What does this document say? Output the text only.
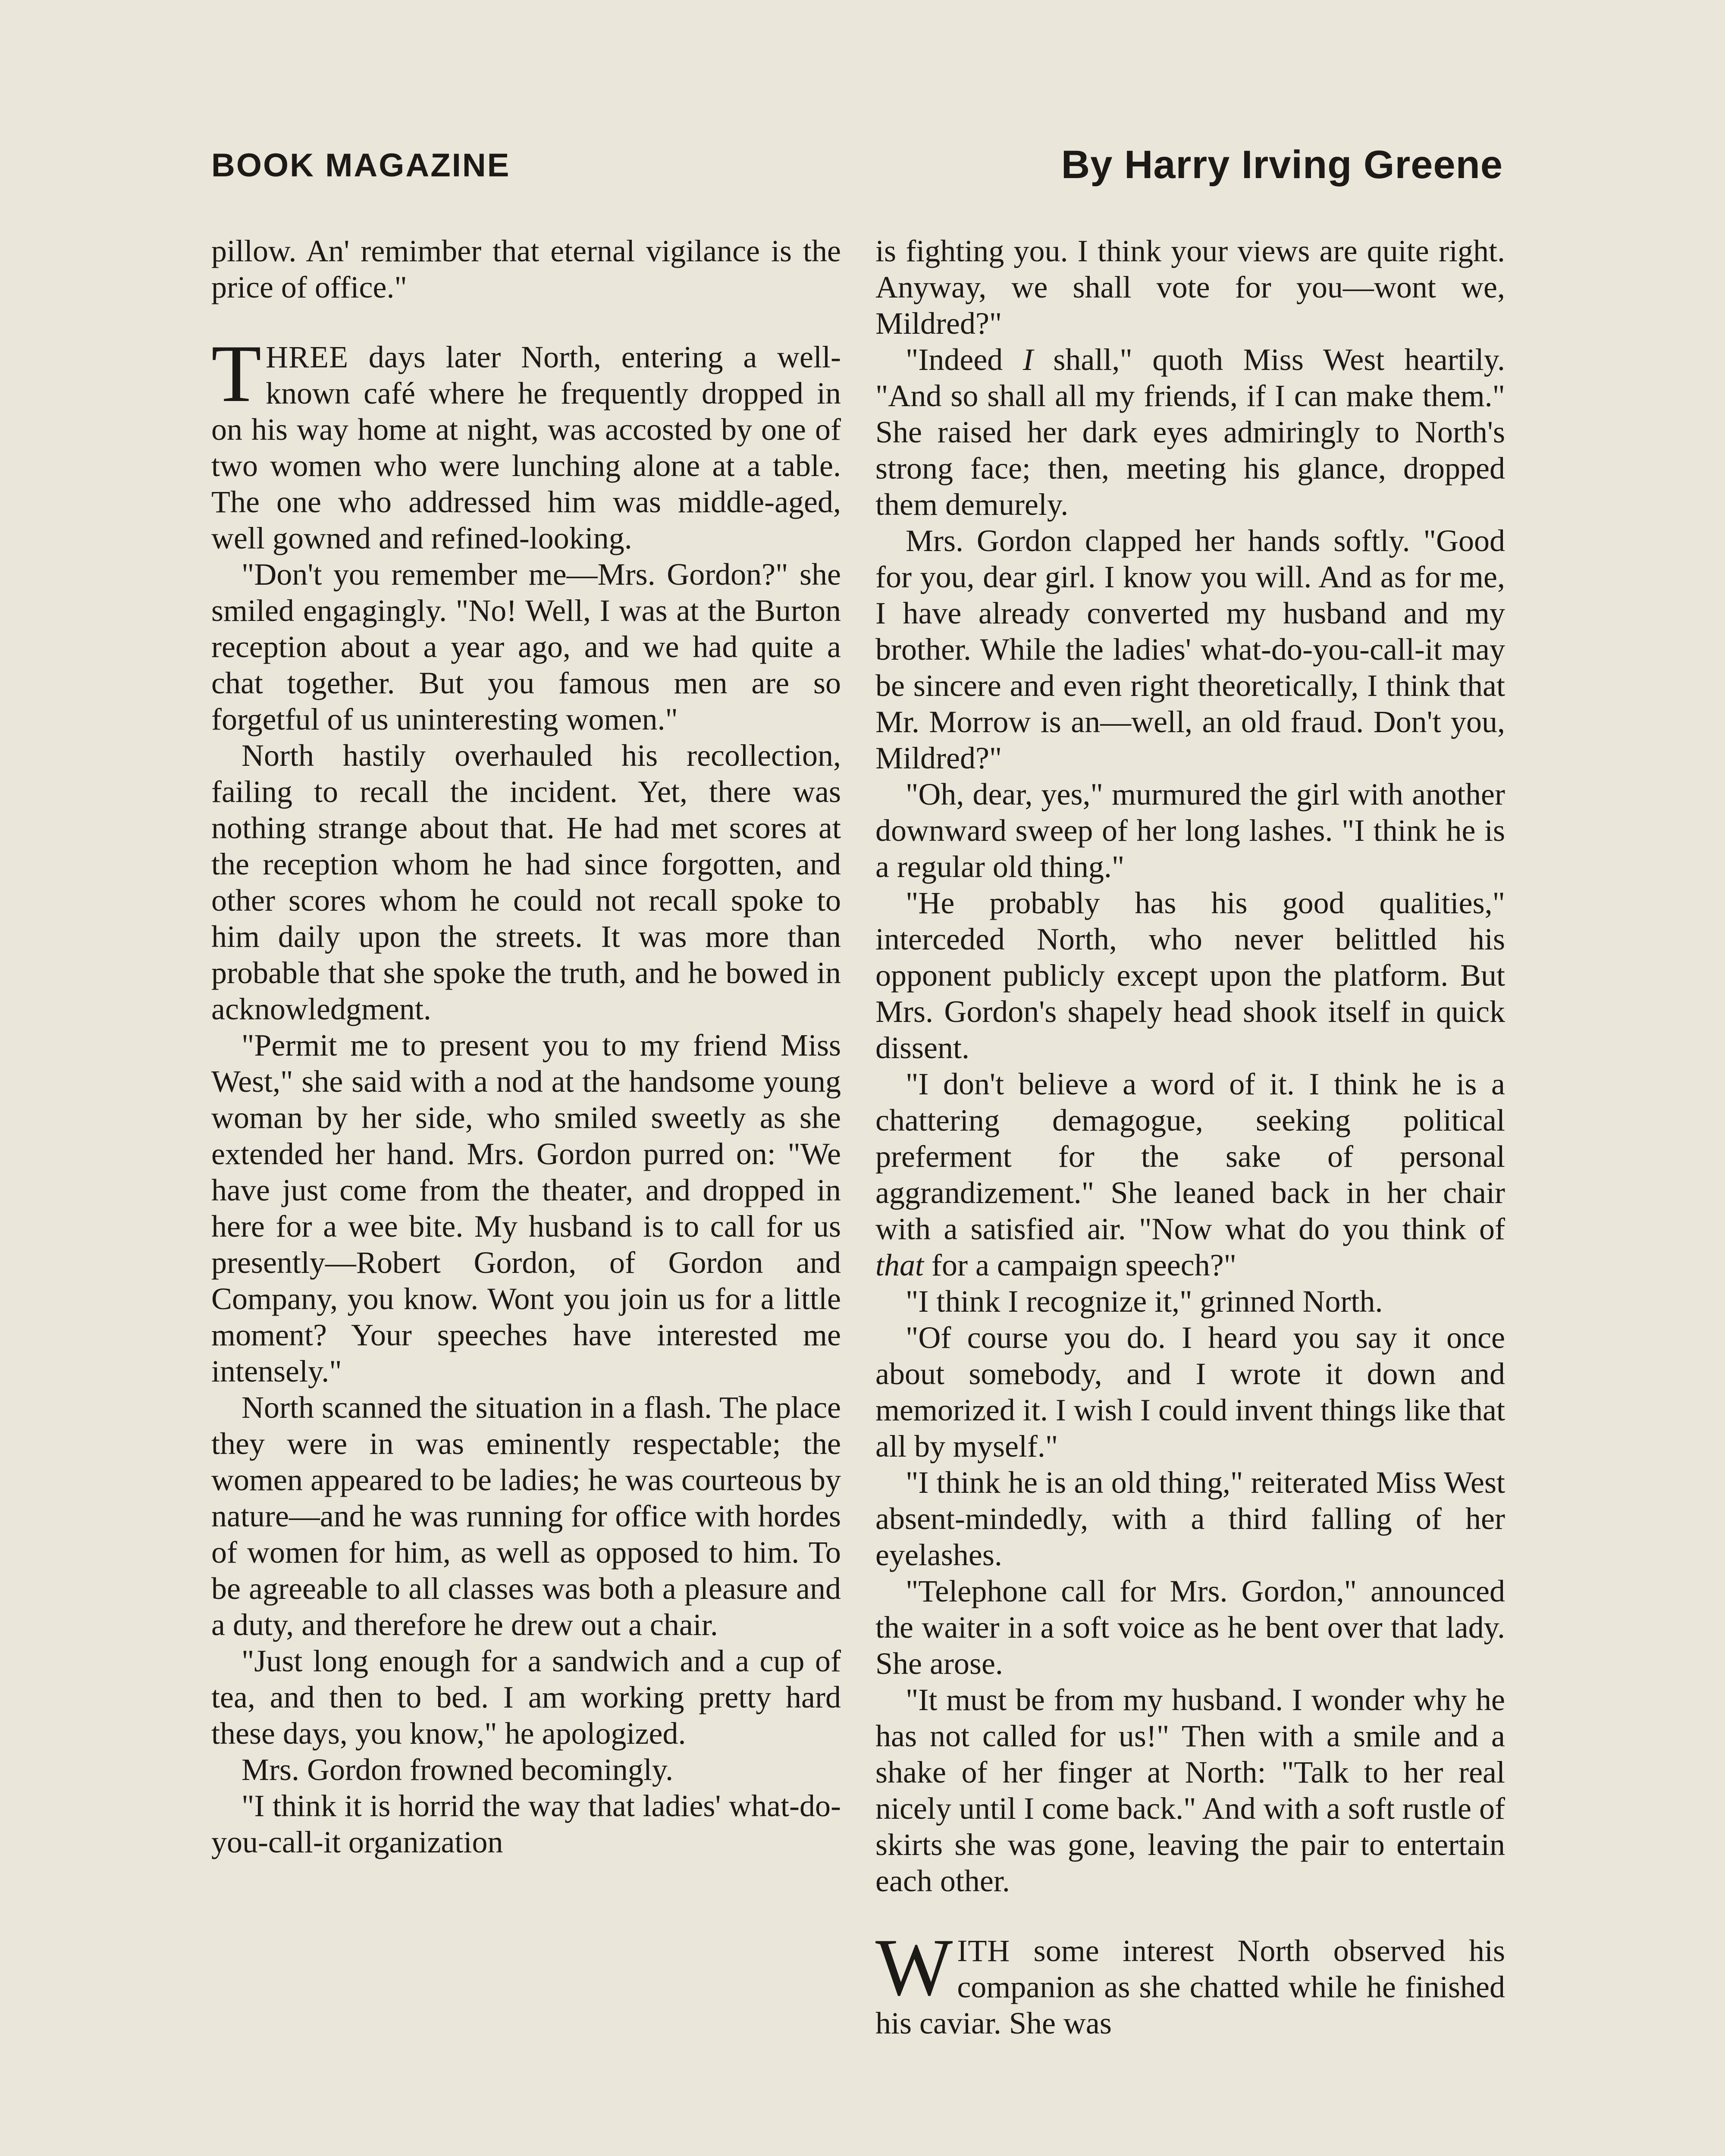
BOOK MAGAZINE	By Harry Irving Greene

pillow. An' remimber that eternal vigilance is the price of office."

THREE days later North, entering a well-known café where he frequently dropped in on his way home at night, was accosted by one of two women who were lunching alone at a table. The one who addressed him was middle-aged, well gowned and refined-looking.

"Don't you remember me—Mrs. Gordon?" she smiled engagingly. "No! Well, I was at the Burton reception about a year ago, and we had quite a chat together. But you famous men are so forgetful of us uninteresting women."

North hastily overhauled his recollection, failing to recall the incident. Yet, there was nothing strange about that. He had met scores at the reception whom he had since forgotten, and other scores whom he could not recall spoke to him daily upon the streets. It was more than probable that she spoke the truth, and he bowed in acknowledgment.

"Permit me to present you to my friend Miss West," she said with a nod at the handsome young woman by her side, who smiled sweetly as she extended her hand. Mrs. Gordon purred on: "We have just come from the theater, and dropped in here for a wee bite. My husband is to call for us presently—Robert Gordon, of Gordon and Company, you know. Wont you join us for a little moment? Your speeches have interested me intensely."

North scanned the situation in a flash. The place they were in was eminently respectable; the women appeared to be ladies; he was courteous by nature—and he was running for office with hordes of women for him, as well as opposed to him. To be agreeable to all classes was both a pleasure and a duty, and therefore he drew out a chair.

"Just long enough for a sandwich and a cup of tea, and then to bed. I am working pretty hard these days, you know," he apologized.

Mrs. Gordon frowned becomingly.

"I think it is horrid the way that ladies' what-do-you-call-it organization

is fighting you. I think your views are quite right. Anyway, we shall vote for you—wont we, Mildred?"

"Indeed I shall," quoth Miss West heartily. "And so shall all my friends, if I can make them." She raised her dark eyes admiringly to North's strong face; then, meeting his glance, dropped them demurely.

Mrs. Gordon clapped her hands softly. "Good for you, dear girl. I know you will. And as for me, I have already converted my husband and my brother. While the ladies' what-do-you-call-it may be sincere and even right theoretically, I think that Mr. Morrow is an—well, an old fraud. Don't you, Mildred?"

"Oh, dear, yes," murmured the girl with another downward sweep of her long lashes. "I think he is a regular old thing."

"He probably has his good qualities," interceded North, who never belittled his opponent publicly except upon the platform. But Mrs. Gordon's shapely head shook itself in quick dissent.

"I don't believe a word of it. I think he is a chattering demagogue, seeking political preferment for the sake of personal aggrandizement." She leaned back in her chair with a satisfied air. "Now what do you think of that for a campaign speech?"

"I think I recognize it," grinned North.

"Of course you do. I heard you say it once about somebody, and I wrote it down and memorized it. I wish I could invent things like that all by myself."

"I think he is an old thing," reiterated Miss West absent-mindedly, with a third falling of her eyelashes.

"Telephone call for Mrs. Gordon," announced the waiter in a soft voice as he bent over that lady. She arose.

"It must be from my husband. I wonder why he has not called for us!" Then with a smile and a shake of her finger at North: "Talk to her real nicely until I come back." And with a soft rustle of skirts she was gone, leaving the pair to entertain each other.

WITH some interest North observed his companion as she chatted while he finished his caviar. She was
